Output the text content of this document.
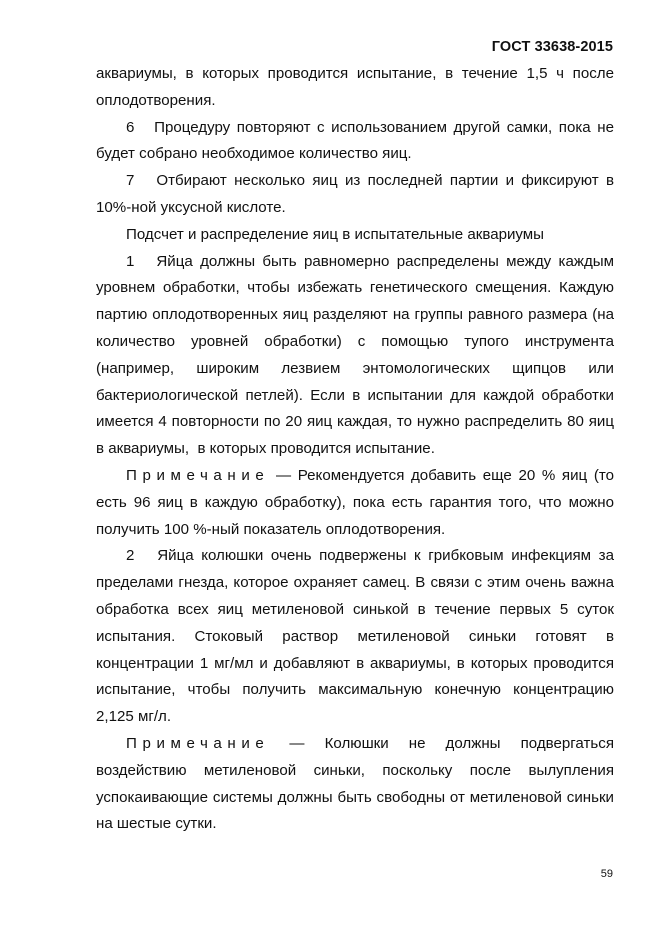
ГОСТ 33638-2015

аквариумы, в которых проводится испытание, в течение 1,5 ч после оплодотворения.

6   Процедуру повторяют с использованием другой самки, пока не будет собрано необходимое количество яиц.

7   Отбирают несколько яиц из последней партии и фиксируют в 10%-ной уксусной кислоте.

Подсчет и распределение яиц в испытательные аквариумы

1   Яйца должны быть равномерно распределены между каждым уровнем обработки, чтобы избежать генетического смещения. Каждую партию оплодотворенных яиц разделяют на группы равного размера (на количество уровней обработки) с помощью тупого инструмента (например, широким лезвием энтомологических щипцов или бактериологической петлей). Если в испытании для каждой обработки имеется 4 повторности по 20 яиц каждая, то нужно распределить 80 яиц в аквариумы,  в которых проводится испытание.

Примечание — Рекомендуется добавить еще 20 % яиц (то есть 96 яиц в каждую обработку), пока есть гарантия того, что можно получить 100 %-ный показатель оплодотворения.

2   Яйца колюшки очень подвержены к грибковым инфекциям за пределами гнезда, которое охраняет самец. В связи с этим очень важна обработка всех яиц метиленовой синькой в течение первых 5 суток испытания. Стоковый раствор метиленовой синьки готовят в концентрации 1 мг/мл и добавляют в аквариумы, в которых проводится испытание, чтобы получить максимальную конечную концентрацию 2,125 мг/л.

Примечание — Колюшки не должны подвергаться воздействию метиленовой синьки, поскольку после вылупления успокаивающие системы должны быть свободны от метиленовой синьки на шестые сутки.

59
